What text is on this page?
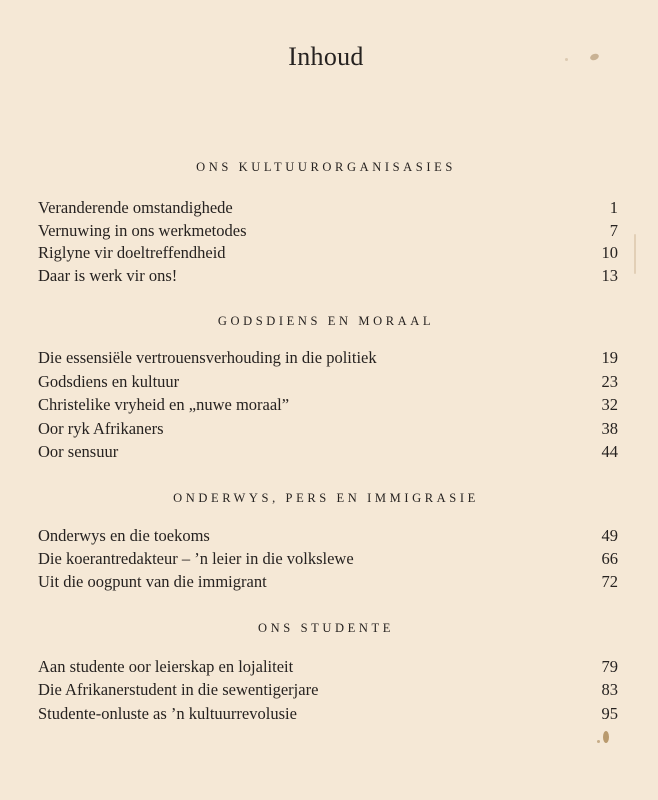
Inhoud
ONS KULTUURORGANISASIES
Veranderende omstandighede	1
Vernuwing in ons werkmetodes	7
Riglyne vir doeltreffendheid	10
Daar is werk vir ons!	13
GODSDIENS EN MORAAL
Die essensiële vertrouensverhouding in die politiek	19
Godsdiens en kultuur	23
Christelike vryheid en „nuwe moraal”	32
Oor ryk Afrikaners	38
Oor sensuur	44
ONDERWYS, PERS EN IMMIGRASIE
Onderwys en die toekoms	49
Die koerantredakteur – ’n leier in die volkslewe	66
Uit die oogpunt van die immigrant	72
ONS STUDENTE
Aan studente oor leierskap en lojaliteit	79
Die Afrikanerstudent in die sewentigerjare	83
Studente-onluste as ’n kultuurrevolusie	95
